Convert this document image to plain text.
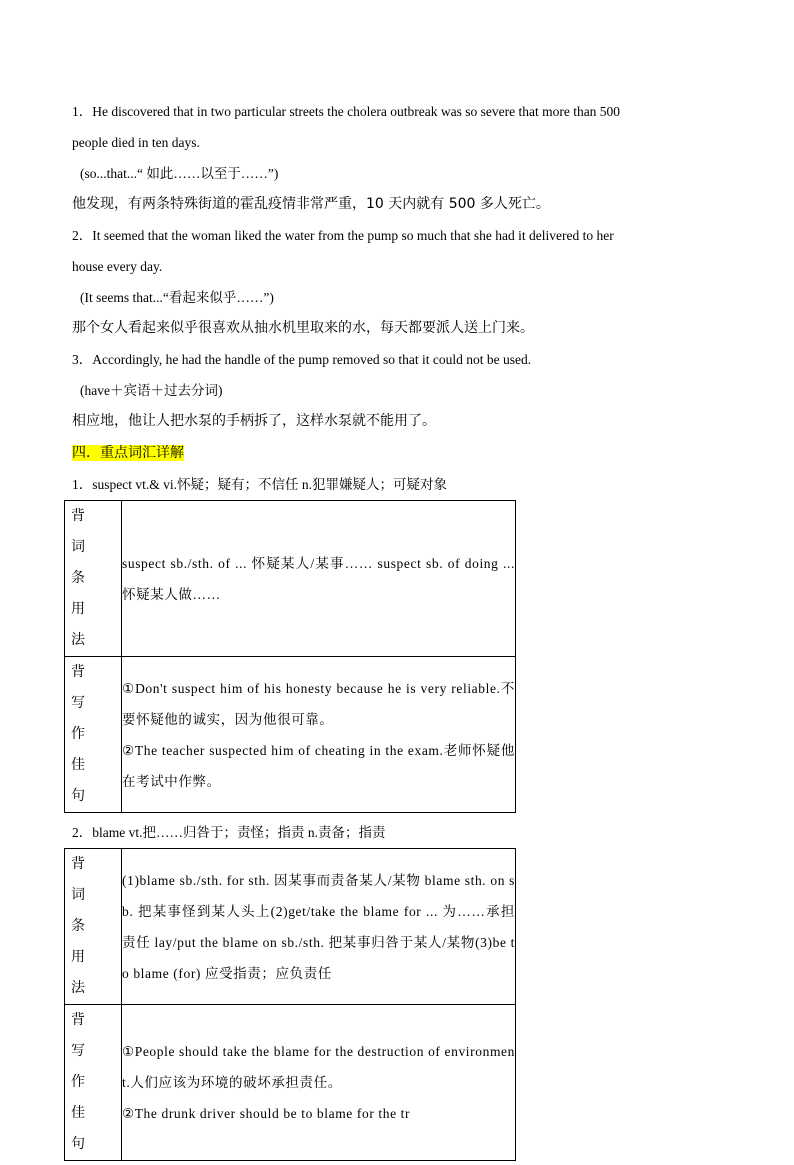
1．He discovered that in two particular streets the cholera outbreak was so severe that more than 500
people died in ten days.
(so...that...“ 如此……以至于……”)
他发现，有两条特殊街道的霍乱疫情非常严重，10 天内就有 500 多人死亡。
2．It seemed that the woman liked the water from the pump so much that she had it delivered to her
house every day.
(It seems that...“看起来似乎……”)
那个女人看起来似乎很喜欢从抽水机里取来的水，每天都要派人送上门来。
3．Accordingly, he had the handle of the pump removed so that it could not be used.
(have＋宾语＋过去分词)
相应地，他让人把水泵的手柄拆了，这样水泵就不能用了。
四．重点词汇详解
1．suspect vt.& vi.怀疑；疑有；不信任 n.犯罪嫌疑人；可疑对象
背词条用法	suspect sb./sth. of ... 怀疑某人/某事…… suspect sb. of doing ... 怀疑某人做……
背写作佳句	①Don't suspect him of his honesty because he is very reliable.不要怀疑他的诚实，因为他很可靠。
②The teacher suspected him of cheating in the exam.老师怀疑他在考试中作弊。
2．blame vt.把……归咎于；责怪；指责 n.责备；指责
背词条用法	(1)blame sb./sth. for sth. 因某事而责备某人/某物 blame sth. on sb. 把某事怪到某人头上(2)get/take the blame for ... 为……承担责任 lay/put the blame on sb./sth. 把某事归咎于某人/某物(3)be to blame (for) 应受指责；应负责任
背写作佳句	①People should take the blame for the destruction of environment.人们应该为环境的破坏承担责任。
②The drunk driver should be to blame for the tr
